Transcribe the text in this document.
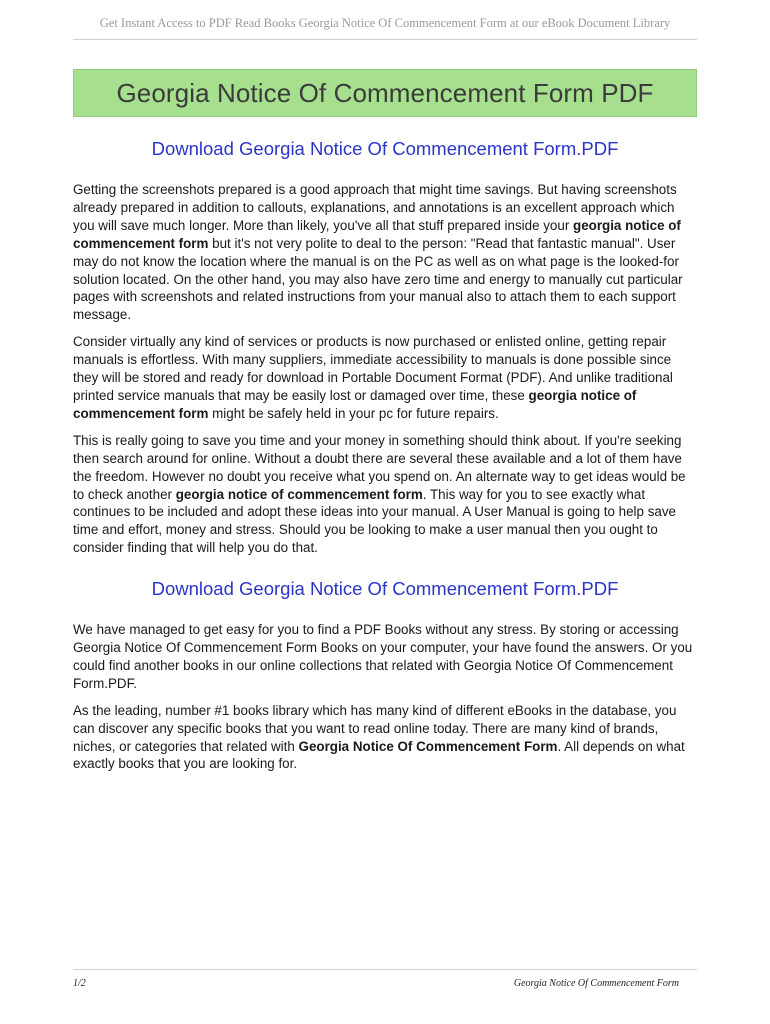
Get Instant Access to PDF Read Books Georgia Notice Of Commencement Form at our eBook Document Library
Georgia Notice Of Commencement Form PDF
Download Georgia Notice Of Commencement Form.PDF

Getting the screenshots prepared is a good approach that might time savings. But having screenshots already prepared in addition to callouts, explanations, and annotations is an excellent approach which you will save much longer. More than likely, you've all that stuff prepared inside your georgia notice of commencement form but it's not very polite to deal to the person: "Read that fantastic manual". User may do not know the location where the manual is on the PC as well as on what page is the looked-for solution located. On the other hand, you may also have zero time and energy to manually cut particular pages with screenshots and related instructions from your manual also to attach them to each support message.

Consider virtually any kind of services or products is now purchased or enlisted online, getting repair manuals is effortless. With many suppliers, immediate accessibility to manuals is done possible since they will be stored and ready for download in Portable Document Format (PDF). And unlike traditional printed service manuals that may be easily lost or damaged over time, these georgia notice of commencement form might be safely held in your pc for future repairs.

This is really going to save you time and your money in something should think about. If you're seeking then search around for online. Without a doubt there are several these available and a lot of them have the freedom. However no doubt you receive what you spend on. An alternate way to get ideas would be to check another georgia notice of commencement form. This way for you to see exactly what continues to be included and adopt these ideas into your manual. A User Manual is going to help save time and effort, money and stress. Should you be looking to make a user manual then you ought to consider finding that will help you do that.

Download Georgia Notice Of Commencement Form.PDF

We have managed to get easy for you to find a PDF Books without any stress. By storing or accessing Georgia Notice Of Commencement Form Books on your computer, your have found the answers. Or you could find another books in our online collections that related with Georgia Notice Of Commencement Form.PDF.

As the leading, number #1 books library which has many kind of different eBooks in the database, you can discover any specific books that you want to read online today. There are many kind of brands, niches, or categories that related with Georgia Notice Of Commencement Form. All depends on what exactly books that you are looking for.

1/2	Georgia Notice Of Commencement Form
